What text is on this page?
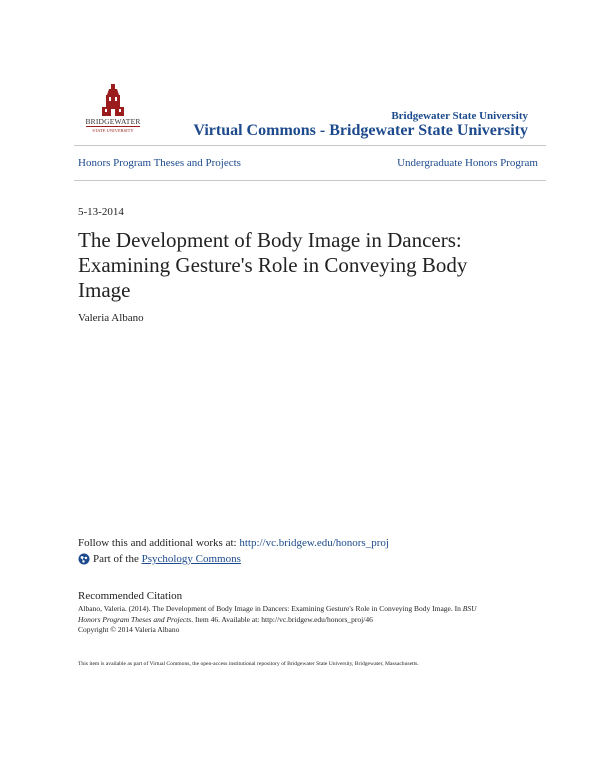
BRIDGEWATER
STATE UNIVERSITY
Bridgewater State University
Virtual Commons - Bridgewater State University
Honors Program Theses and Projects	Undergraduate Honors Program
5-13-2014
The Development of Body Image in Dancers: Examining Gesture's Role in Conveying Body Image
Valeria Albano
Follow this and additional works at: http://vc.bridgew.edu/honors_proj
Part of the
Psychology Commons
Recommended Citation

Albano, Valeria. (2014). The Development of Body Image in Dancers: Examining Gesture's Role in Conveying Body Image. In BSU

Honors Program Theses and Projects. Item 46. Available at: http://vc.bridgew.edu/honors_proj/46

Copyright © 2014 Valeria Albano

This item is available as part of Virtual Commons, the open-access institutional repository of Bridgewater State University, Bridgewater, Massachusetts.
